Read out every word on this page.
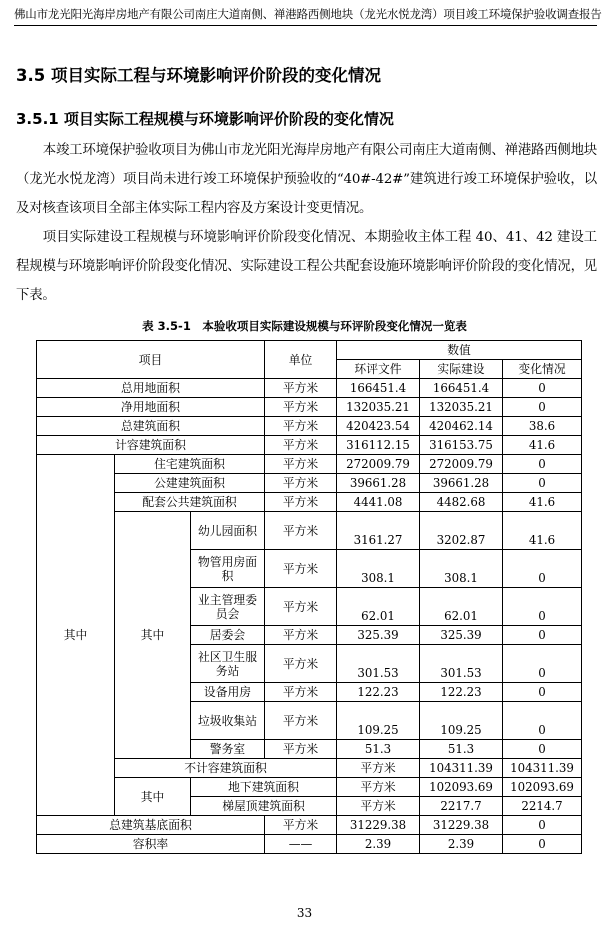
佛山市龙光阳光海岸房地产有限公司南庄大道南侧、禅港路西侧地块（龙光水悦龙湾）项目竣工环境保护验收调查报告
3.5 项目实际工程与环境影响评价阶段的变化情况
3.5.1 项目实际工程规模与环境影响评价阶段的变化情况

本竣工环境保护验收项目为佛山市龙光阳光海岸房地产有限公司南庄大道南侧、禅港路西侧地块（龙光水悦龙湾）项目尚未进行竣工环境保护预验收的“40#-42#”建筑进行竣工环境保护验收，以及对核查该项目全部主体实际工程内容及方案设计变更情况。

项目实际建设工程规模与环境影响评价阶段变化情况、本期验收主体工程 40、41、42 建设工程规模与环境影响评价阶段变化情况、实际建设工程公共配套设施环境影响评价阶段的变化情况，见下表。

表 3.5-1　本验收项目实际建设规模与环评阶段变化情况一览表
项目			单位	数值			
				环评文件	实际建设	变化情况	
总用地面积			平方米	166451.4	166451.4	0	
净用地面积			平方米	132035.21	132035.21	0	
总建筑面积			平方米	420423.54	420462.14	38.6	
计容建筑面积			平方米	316112.15	316153.75	41.6	
其中	住宅建筑面积		平方米	272009.79	272009.79	0	
	公建建筑面积		平方米	39661.28	39661.28	0	
	配套公共建筑面积		平方米	4441.08	4482.68	41.6	
	其中	幼儿园面积	平方米	3161.27	3202.87	41.6	
		物管用房面积	平方米	308.1	308.1	0	
		业主管理委员会	平方米	62.01	62.01	0	
		居委会	平方米	325.39	325.39	0	
		社区卫生服务站	平方米	301.53	301.53	0	
		设备用房	平方米	122.23	122.23	0	
		垃圾收集站	平方米	109.25	109.25	0	
		警务室	平方米	51.3	51.3	0	
	不计容建筑面积			平方米	104311.39	104311.39	
	其中	地下建筑面积		平方米	102093.69	102093.69	
		梯屋顶建筑面积		平方米	2217.7	2214.7	
总建筑基底面积			平方米	31229.38	31229.38	0	
容积率			——	2.39	2.39	0	
33
